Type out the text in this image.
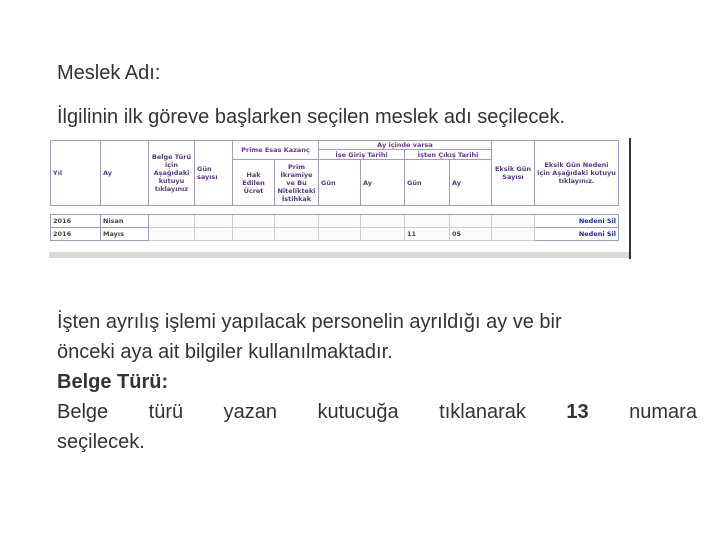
Meslek Adı:
İlgilinin ilk göreve başlarken seçilen meslek adı seçilecek.
Yıl	Ay	Belge Türü için Aşağıdaki kutuyu tıklayınız	Gün sayısı	Prime Esas Kazanç		Ay içinde varsa				Eksik Gün Sayısı	Eksik Gün Nedeni için Aşağıdaki kutuyu tıklayınız.
						İşe Giriş Tarihi		İşten Çıkış Tarihi			
				Hak Edilen Ücret	Prim İkramiye ve Bu Nitelikteki İstihkak	Gün	Ay	Gün	Ay		

2016	Nisan										Nedeni Sil
2016	Mayıs							11	05		Nedeni Sil
İşten ayrılış işlemi yapılacak personelin ayrıldığı ay ve bir
önceki aya ait bilgiler kullanılmaktadır.
Belge Türü:
Belge türü yazan kutucuğa tıklanarak 13 numara
seçilecek.
